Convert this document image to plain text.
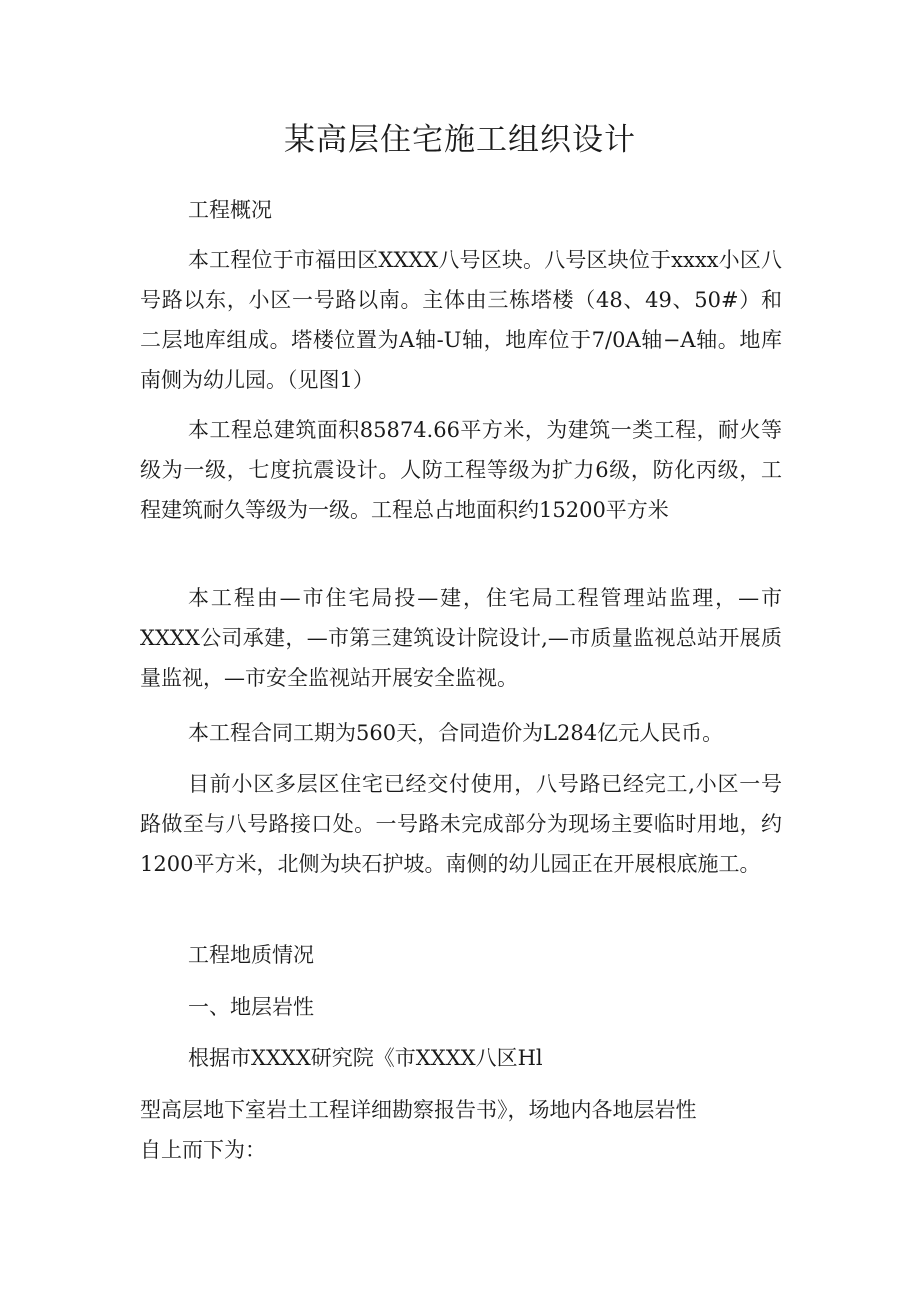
某高层住宅施工组织设计

工程概况

本工程位于市福田区XXXX八号区块。八号区块位于xxxx小区八号路以东，小区一号路以南。主体由三栋塔楼（48、49、50#）和二层地库组成。塔楼位置为A轴-U轴，地库位于7/0A轴−A轴。地库南侧为幼儿园。（见图1）

本工程总建筑面积85874.66平方米，为建筑一类工程，耐火等级为一级，七度抗震设计。人防工程等级为扩力6级，防化丙级，工程建筑耐久等级为一级。工程总占地面积约15200平方米

本工程由—市住宅局投—建，住宅局工程管理站监理，—市XXXX公司承建，—市第三建筑设计院设计,—市质量监视总站开展质量监视，—市安全监视站开展安全监视。

本工程合同工期为560天，合同造价为L284亿元人民币。

目前小区多层区住宅已经交付使用，八号路已经完工,小区一号路做至与八号路接口处。一号路未完成部分为现场主要临时用地，约1200平方米，北侧为块石护坡。南侧的幼儿园正在开展根底施工。

工程地质情况

一、地层岩性

根据市XXXX研究院《市XXXX八区Hl

型高层地下室岩土工程详细勘察报告书》，场地内各地层岩性

自上而下为：
